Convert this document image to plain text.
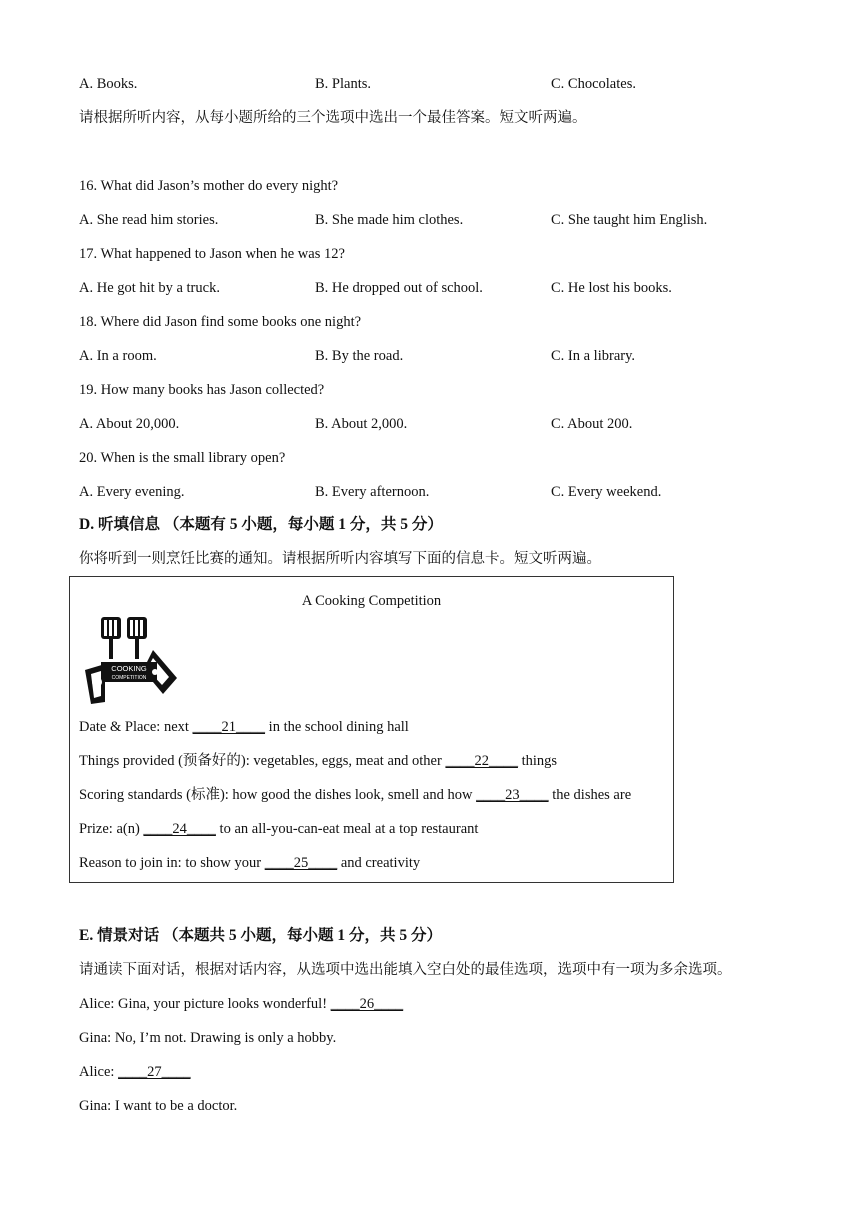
A. Books.	B. Plants.	C. Chocolates.
请根据所听内容，从每小题所给的三个选项中选出一个最佳答案。短文听两遍。
16. What did Jason’s mother do every night?
A. She read him stories.	B. She made him clothes.	C. She taught him English.
17. What happened to Jason when he was 12?
A. He got hit by a truck.	B. He dropped out of school.	C. He lost his books.
18. Where did Jason find some books one night?
A. In a room.	B. By the road.	C. In a library.
19. How many books has Jason collected?
A. About 20,000.	B. About 2,000.	C. About 200.
20. When is the small library open?
A. Every evening.	B. Every afternoon.	C. Every weekend.
D. 听填信息 （本题有 5 小题，每小题 1 分，共 5 分）
你将听到一则烹饪比赛的通知。请根据所听内容填写下面的信息卡。短文听两遍。
A Cooking Competition
COOKING
COMPETITION
Date & Place: next ____21____ in the school dining hall
Things provided (预备好的): vegetables, eggs, meat and other ____22____ things
Scoring standards (标准): how good the dishes look, smell and how ____23____ the dishes are
Prize: a(n) ____24____ to an all-you-can-eat meal at a top restaurant
Reason to join in: to show your ____25____ and creativity
E. 情景对话 （本题共 5 小题，每小题 1 分，共 5 分）
请通读下面对话，根据对话内容，从选项中选出能填入空白处的最佳选项，选项中有一项为多余选项。
Alice: Gina, your picture looks wonderful! ____26____
Gina: No, I’m not. Drawing is only a hobby.
Alice: ____27____
Gina: I want to be a doctor.
